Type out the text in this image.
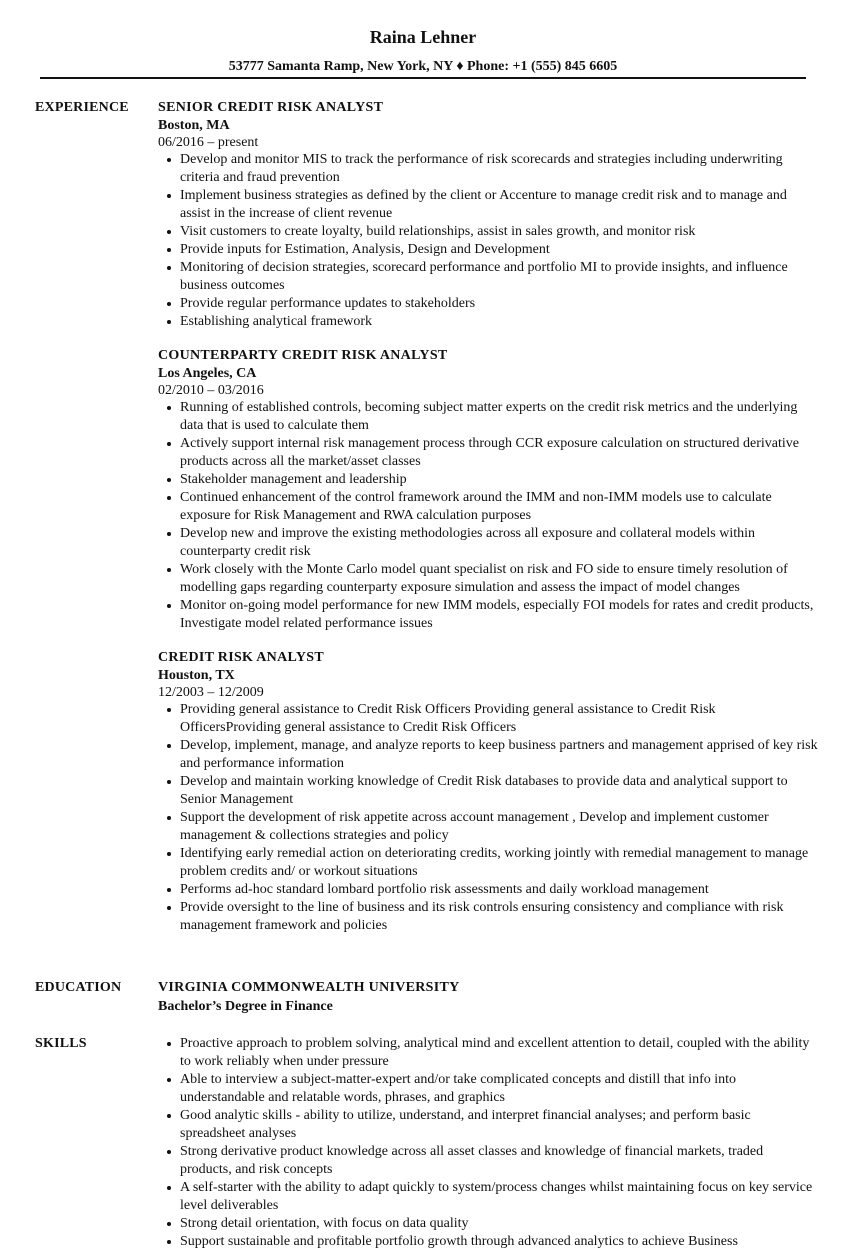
Raina Lehner
53777 Samanta Ramp, New York, NY ♦ Phone: +1 (555) 845 6605
EXPERIENCE SENIOR CREDIT RISK ANALYST
Boston, MA
06/2016 – present
Develop and monitor MIS to track the performance of risk scorecards and strategies including underwriting criteria and fraud prevention
Implement business strategies as defined by the client or Accenture to manage credit risk and to manage and assist in the increase of client revenue
Visit customers to create loyalty, build relationships, assist in sales growth, and monitor risk
Provide inputs for Estimation, Analysis, Design and Development
Monitoring of decision strategies, scorecard performance and portfolio MI to provide insights, and influence business outcomes
Provide regular performance updates to stakeholders
Establishing analytical framework
COUNTERPARTY CREDIT RISK ANALYST
Los Angeles, CA
02/2010 – 03/2016
Running of established controls, becoming subject matter experts on the credit risk metrics and the underlying data that is used to calculate them
Actively support internal risk management process through CCR exposure calculation on structured derivative products across all the market/asset classes
Stakeholder management and leadership
Continued enhancement of the control framework around the IMM and non-IMM models use to calculate exposure for Risk Management and RWA calculation purposes
Develop new and improve the existing methodologies across all exposure and collateral models within counterparty credit risk
Work closely with the Monte Carlo model quant specialist on risk and FO side to ensure timely resolution of modelling gaps regarding counterparty exposure simulation and assess the impact of model changes
Monitor on-going model performance for new IMM models, especially FOI models for rates and credit products, Investigate model related performance issues
CREDIT RISK ANALYST
Houston, TX
12/2003 – 12/2009
Providing general assistance to Credit Risk Officers Providing general assistance to Credit Risk OfficersProviding general assistance to Credit Risk Officers
Develop, implement, manage, and analyze reports to keep business partners and management apprised of key risk and performance information
Develop and maintain working knowledge of Credit Risk databases to provide data and analytical support to Senior Management
Support the development of risk appetite across account management , Develop and implement customer management & collections strategies and policy
Identifying early remedial action on deteriorating credits, working jointly with remedial management to manage problem credits and/ or workout situations
Performs ad-hoc standard lombard portfolio risk assessments and daily workload management
Provide oversight to the line of business and its risk controls ensuring consistency and compliance with risk management framework and policies
EDUCATION	VIRGINIA COMMONWEALTH UNIVERSITY
Bachelor’s Degree in Finance
SKILLS	Proactive approach to problem solving, analytical mind and excellent attention to detail, coupled with the ability to work reliably when under pressure
Able to interview a subject-matter-expert and/or take complicated concepts and distill that info into understandable and relatable words, phrases, and graphics
Good analytic skills - ability to utilize, understand, and interpret financial analyses; and perform basic spreadsheet analyses
Strong derivative product knowledge across all asset classes and knowledge of financial markets, traded products, and risk concepts
A self-starter with the ability to adapt quickly to system/process changes whilst maintaining focus on key service level deliverables
Strong detail orientation, with focus on data quality
Support sustainable and profitable portfolio growth through advanced analytics to achieve Business
